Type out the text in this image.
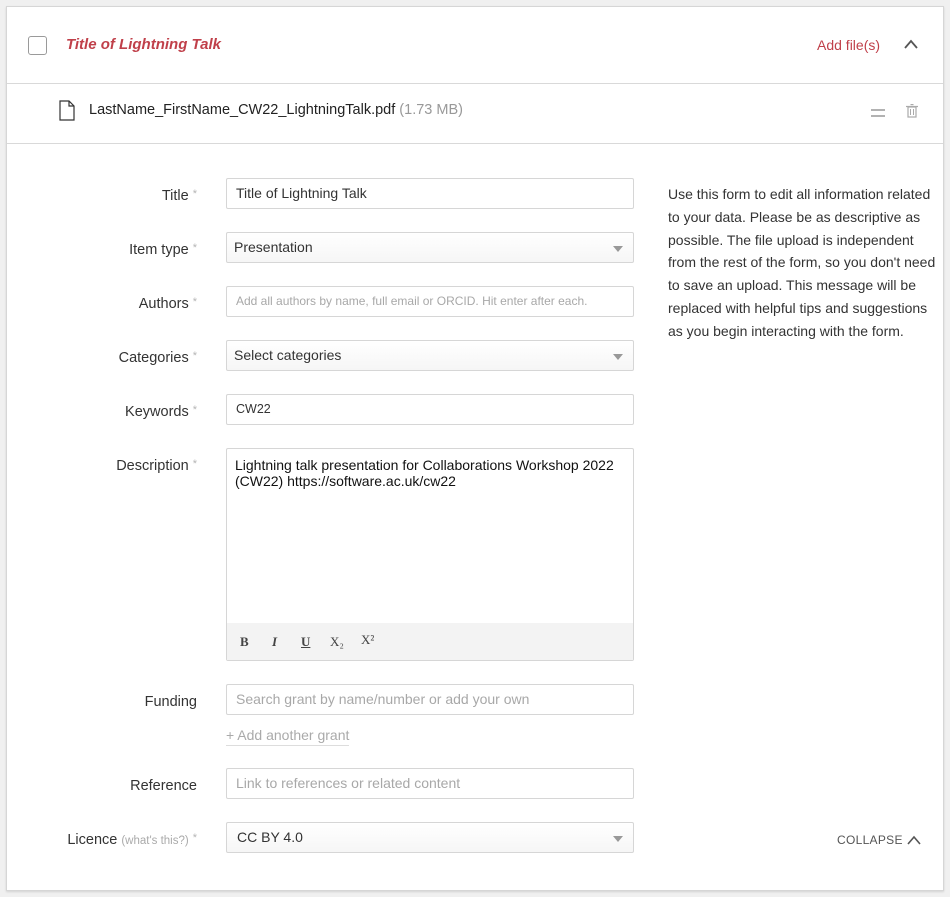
Title of Lightning Talk	Add file(s)
LastName_FirstName_CW22_LightningTalk.pdf (1.73 MB)
Title *	Title of Lightning Talk
Item type *	Presentation
Authors *	Add all authors by name, full email or ORCID. Hit enter after each.
Categories *	Select categories
Keywords *	CW22
Description *	Lightning talk presentation for Collaborations Workshop 2022 (CW22) https://software.ac.uk/cw22
B I U X₂ X²
Funding	Search grant by name/number or add your own
+ Add another grant
Reference	Link to references or related content
Licence (what's this?) *	CC BY 4.0
Use this form to edit all information related to your data. Please be as descriptive as possible. The file upload is independent from the rest of the form, so you don't need to save an upload. This message will be replaced with helpful tips and suggestions as you begin interacting with the form.
COLLAPSE
